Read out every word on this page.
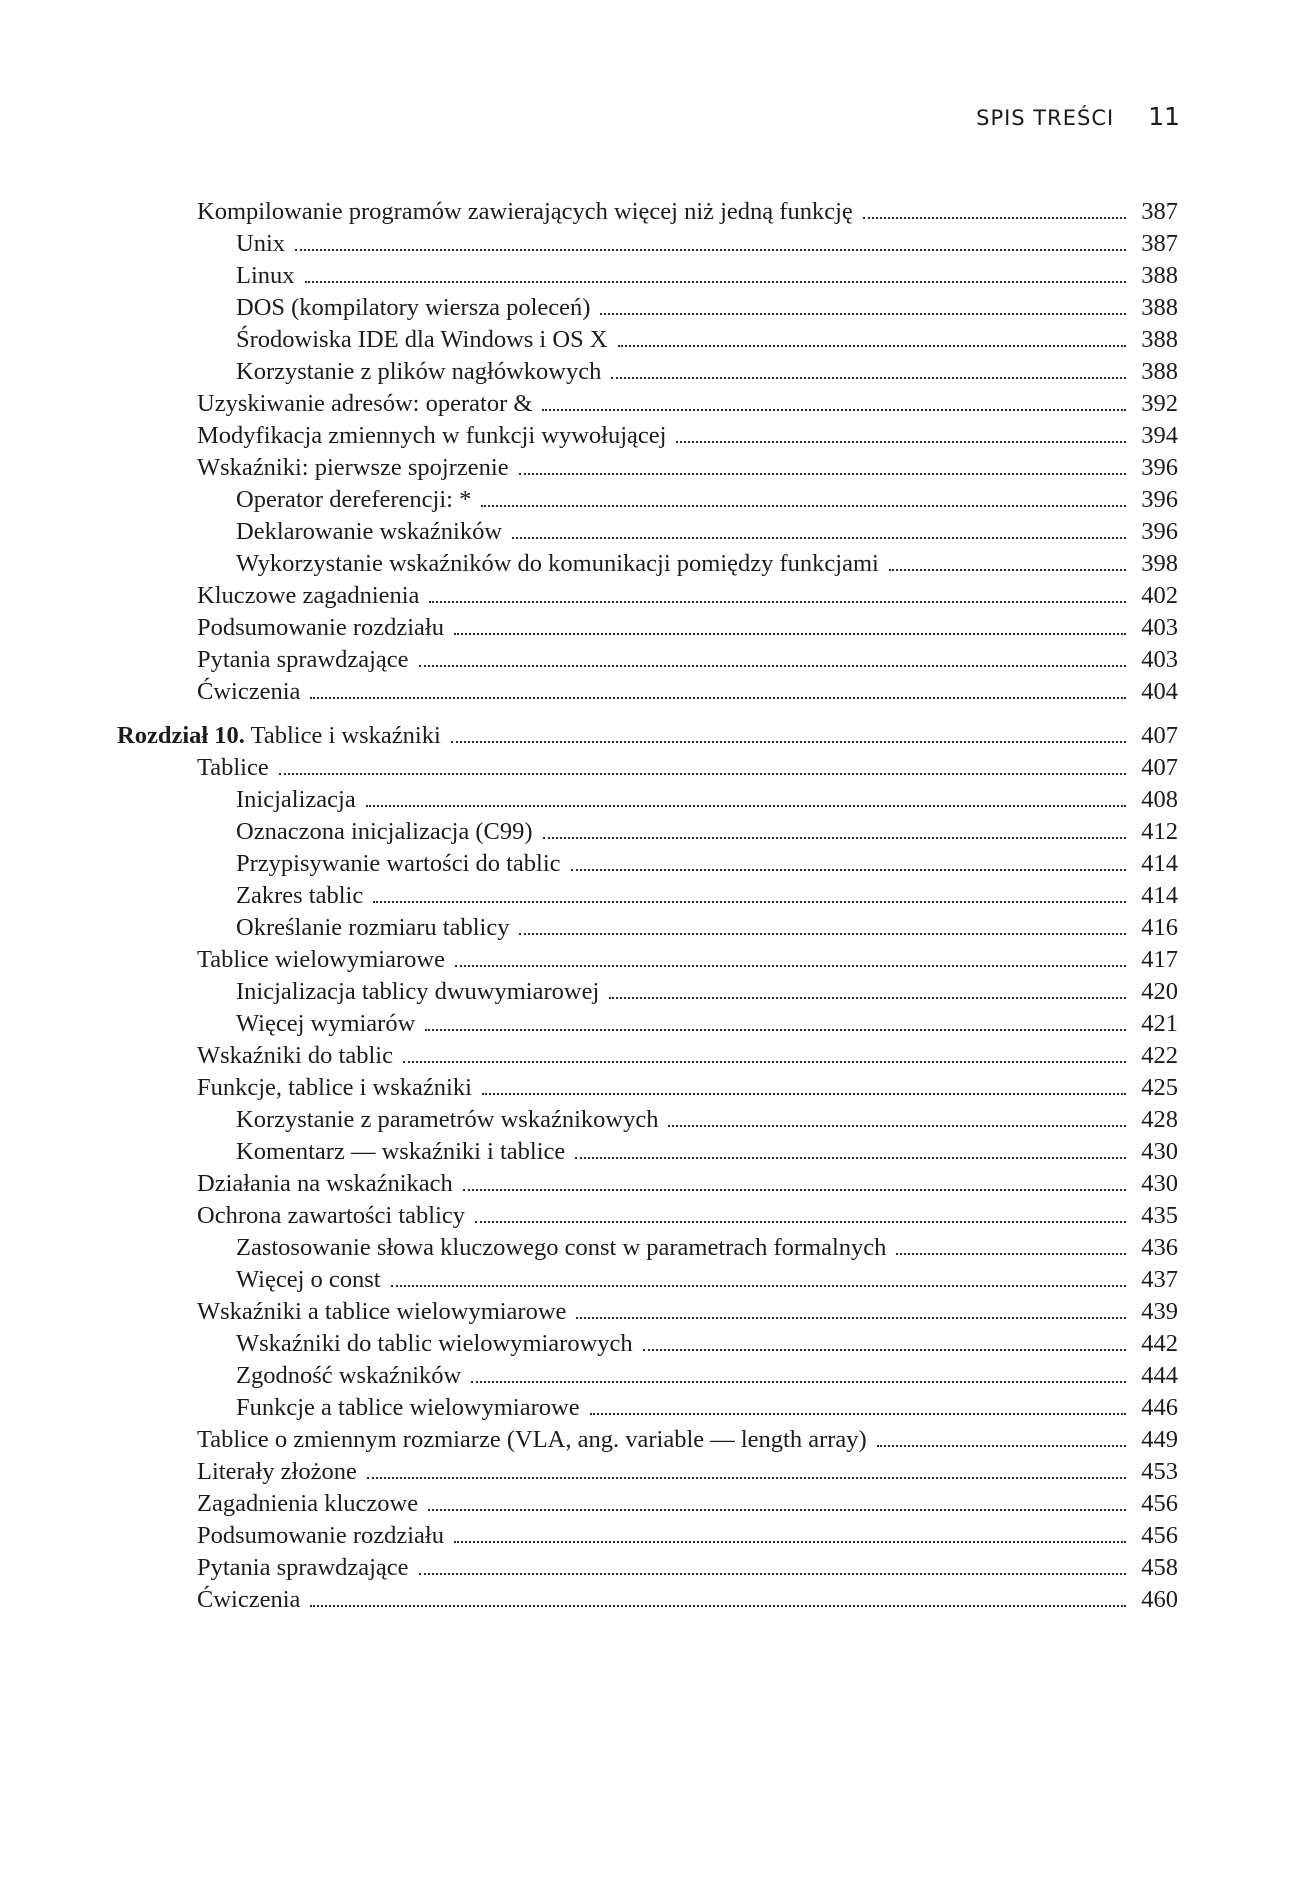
SPIS TREŚCI 11
Kompilowanie programów zawierających więcej niż jedną funkcję	387
Unix	387
Linux	388
DOS (kompilatory wiersza poleceń)	388
Środowiska IDE dla Windows i OS X	388
Korzystanie z plików nagłówkowych	388
Uzyskiwanie adresów: operator &	392
Modyfikacja zmiennych w funkcji wywołującej	394
Wskaźniki: pierwsze spojrzenie	396
Operator dereferencji: *	396
Deklarowanie wskaźników	396
Wykorzystanie wskaźników do komunikacji pomiędzy funkcjami	398
Kluczowe zagadnienia	402
Podsumowanie rozdziału	403
Pytania sprawdzające	403
Ćwiczenia	404
Rozdział 10. Tablice i wskaźniki	407
Tablice	407
Inicjalizacja	408
Oznaczona inicjalizacja (C99)	412
Przypisywanie wartości do tablic	414
Zakres tablic	414
Określanie rozmiaru tablicy	416
Tablice wielowymiarowe	417
Inicjalizacja tablicy dwuwymiarowej	420
Więcej wymiarów	421
Wskaźniki do tablic	422
Funkcje, tablice i wskaźniki	425
Korzystanie z parametrów wskaźnikowych	428
Komentarz — wskaźniki i tablice	430
Działania na wskaźnikach	430
Ochrona zawartości tablicy	435
Zastosowanie słowa kluczowego const w parametrach formalnych	436
Więcej o const	437
Wskaźniki a tablice wielowymiarowe	439
Wskaźniki do tablic wielowymiarowych	442
Zgodność wskaźników	444
Funkcje a tablice wielowymiarowe	446
Tablice o zmiennym rozmiarze (VLA, ang. variable — length array)	449
Literały złożone	453
Zagadnienia kluczowe	456
Podsumowanie rozdziału	456
Pytania sprawdzające	458
Ćwiczenia	460
